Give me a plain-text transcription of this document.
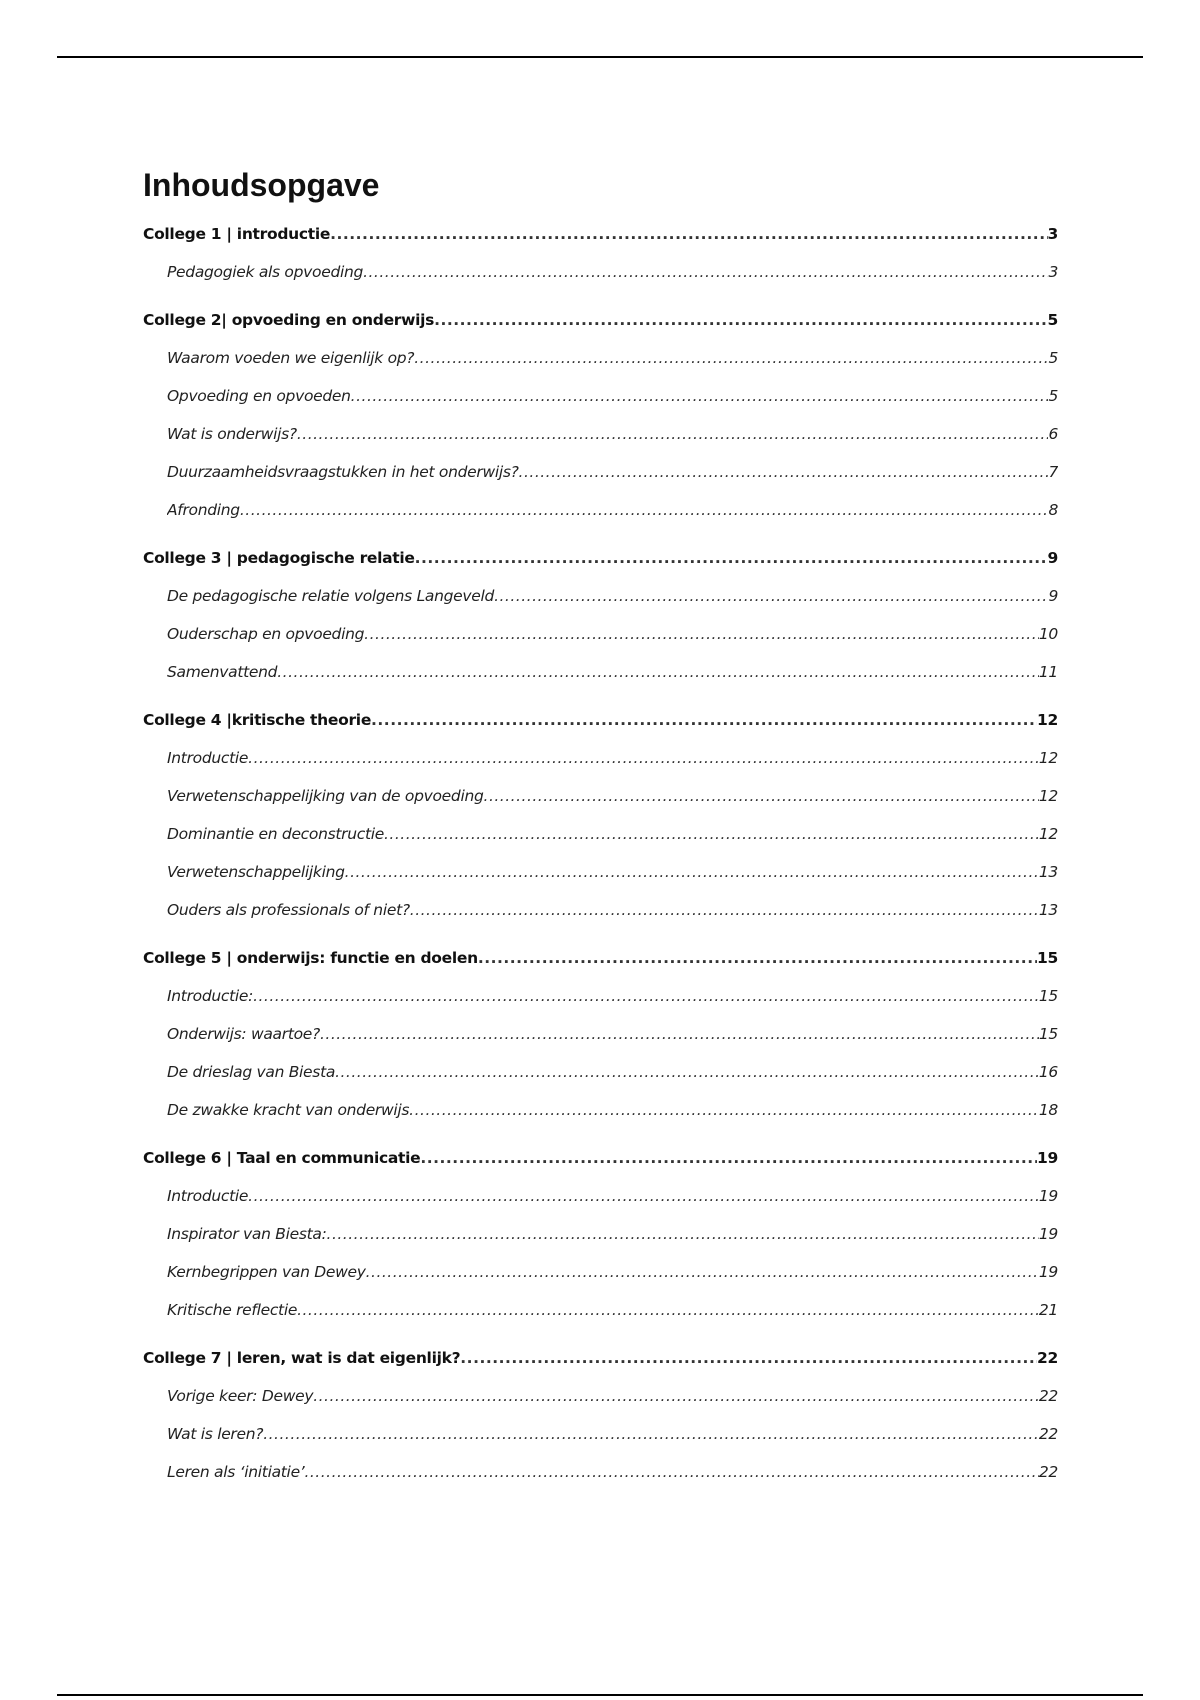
Inhoudsopgave
College 1 | introductie .....	3
Pedagogiek als opvoeding .....	3
College 2| opvoeding en onderwijs .....	5
Waarom voeden we eigenlijk op? .....	5
Opvoeding en opvoeden .....	5
Wat is onderwijs? .....	6
Duurzaamheidsvraagstukken in het onderwijs? .....	7
Afronding .....	8
College 3 | pedagogische relatie .....	9
De pedagogische relatie volgens Langeveld .....	9
Ouderschap en opvoeding .....	10
Samenvattend .....	11
College 4 |kritische theorie .....	12
Introductie .....	12
Verwetenschappelijking van de opvoeding .....	12
Dominantie en deconstructie .....	12
Verwetenschappelijking .....	13
Ouders als professionals of niet? .....	13
College 5 | onderwijs: functie en doelen .....	15
Introductie: .....	15
Onderwijs: waartoe? .....	15
De drieslag van Biesta .....	16
De zwakke kracht van onderwijs .....	18
College 6 | Taal en communicatie .....	19
Introductie .....	19
Inspirator van Biesta: .....	19
Kernbegrippen van Dewey .....	19
Kritische reflectie .....	21
College 7 | leren, wat is dat eigenlijk? .....	22
Vorige keer: Dewey .....	22
Wat is leren? .....	22
Leren als ‘initiatie’ .....	22
